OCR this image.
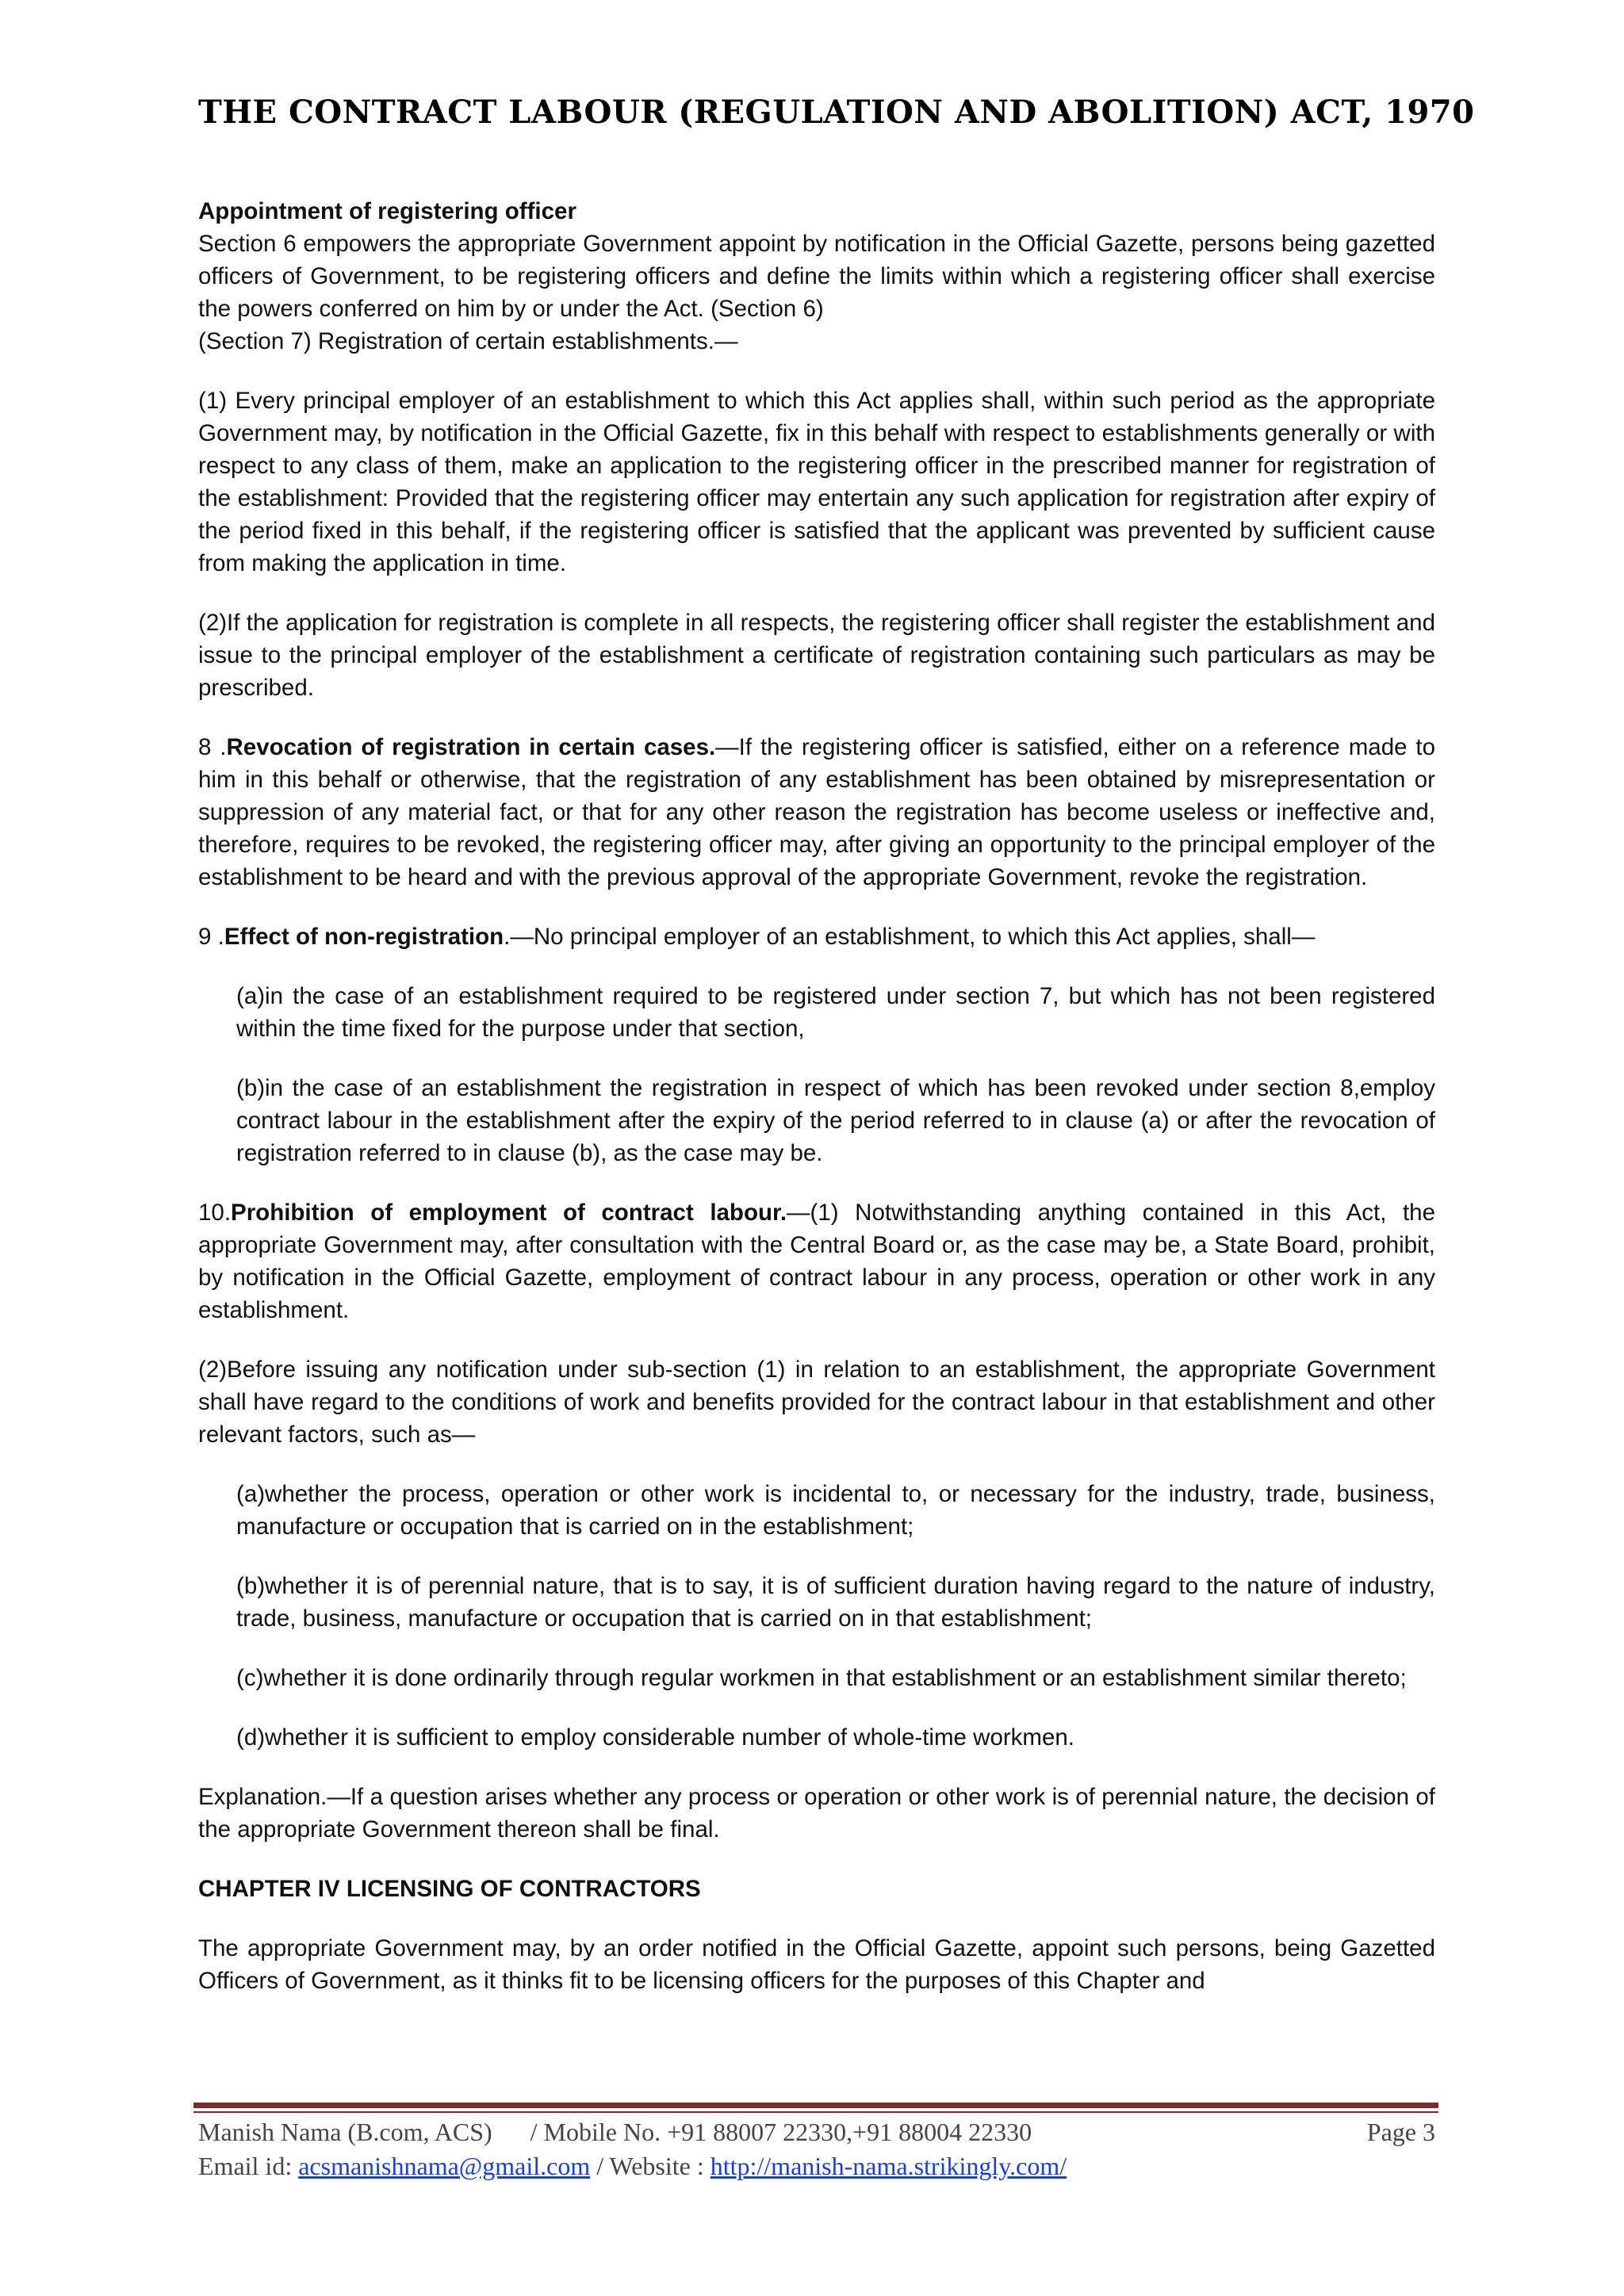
THE CONTRACT LABOUR (REGULATION AND ABOLITION) ACT, 1970

Appointment of registering officer
Section 6 empowers the appropriate Government appoint by notification in the Official Gazette, persons being gazetted officers of Government, to be registering officers and define the limits within which a registering officer shall exercise the powers conferred on him by or under the Act. (Section 6)

(Section 7) Registration of certain establishments.—

(1) Every principal employer of an establishment to which this Act applies shall, within such period as the appropriate Government may, by notification in the Official Gazette, fix in this behalf with respect to establishments generally or with respect to any class of them, make an application to the registering officer in the prescribed manner for registration of the establishment: Provided that the registering officer may entertain any such application for registration after expiry of the period fixed in this behalf, if the registering officer is satisfied that the applicant was prevented by sufficient cause from making the application in time.

(2)If the application for registration is complete in all respects, the registering officer shall register the establishment and issue to the principal employer of the establishment a certificate of registration containing such particulars as may be prescribed.

8 .Revocation of registration in certain cases.—If the registering officer is satisfied, either on a reference made to him in this behalf or otherwise, that the registration of any establishment has been obtained by misrepresentation or suppression of any material fact, or that for any other reason the registration has become useless or ineffective and, therefore, requires to be revoked, the registering officer may, after giving an opportunity to the principal employer of the establishment to be heard and with the previous approval of the appropriate Government, revoke the registration.

9 .Effect of non-registration.—No principal employer of an establishment, to which this Act applies, shall—

(a)in the case of an establishment required to be registered under section 7, but which has not been registered within the time fixed for the purpose under that section,

(b)in the case of an establishment the registration in respect of which has been revoked under section 8,employ contract labour in the establishment after the expiry of the period referred to in clause (a) or after the revocation of registration referred to in clause (b), as the case may be.

10.Prohibition of employment of contract labour.—(1) Notwithstanding anything contained in this Act, the appropriate Government may, after consultation with the Central Board or, as the case may be, a State Board, prohibit, by notification in the Official Gazette, employment of contract labour in any process, operation or other work in any establishment.

(2)Before issuing any notification under sub-section (1) in relation to an establishment, the appropriate Government shall have regard to the conditions of work and benefits provided for the contract labour in that establishment and other relevant factors, such as—

(a)whether the process, operation or other work is incidental to, or necessary for the industry, trade, business, manufacture or occupation that is carried on in the establishment;

(b)whether it is of perennial nature, that is to say, it is of sufficient duration having regard to the nature of industry, trade, business, manufacture or occupation that is carried on in that establishment;

(c)whether it is done ordinarily through regular workmen in that establishment or an establishment similar thereto;

(d)whether it is sufficient to employ considerable number of whole-time workmen.

Explanation.—If a question arises whether any process or operation or other work is of perennial nature, the decision of the appropriate Government thereon shall be final.

CHAPTER IV LICENSING OF CONTRACTORS

The appropriate Government may, by an order notified in the Official Gazette, appoint such persons, being Gazetted Officers of Government, as it thinks fit to be licensing officers for the purposes of this Chapter and

Manish Nama (B.com, ACS)      / Mobile No. +91 88007 22330,+91 88004 22330	Page 3
Email id: acsmanishnama@gmail.com / Website : http://manish-nama.strikingly.com/
